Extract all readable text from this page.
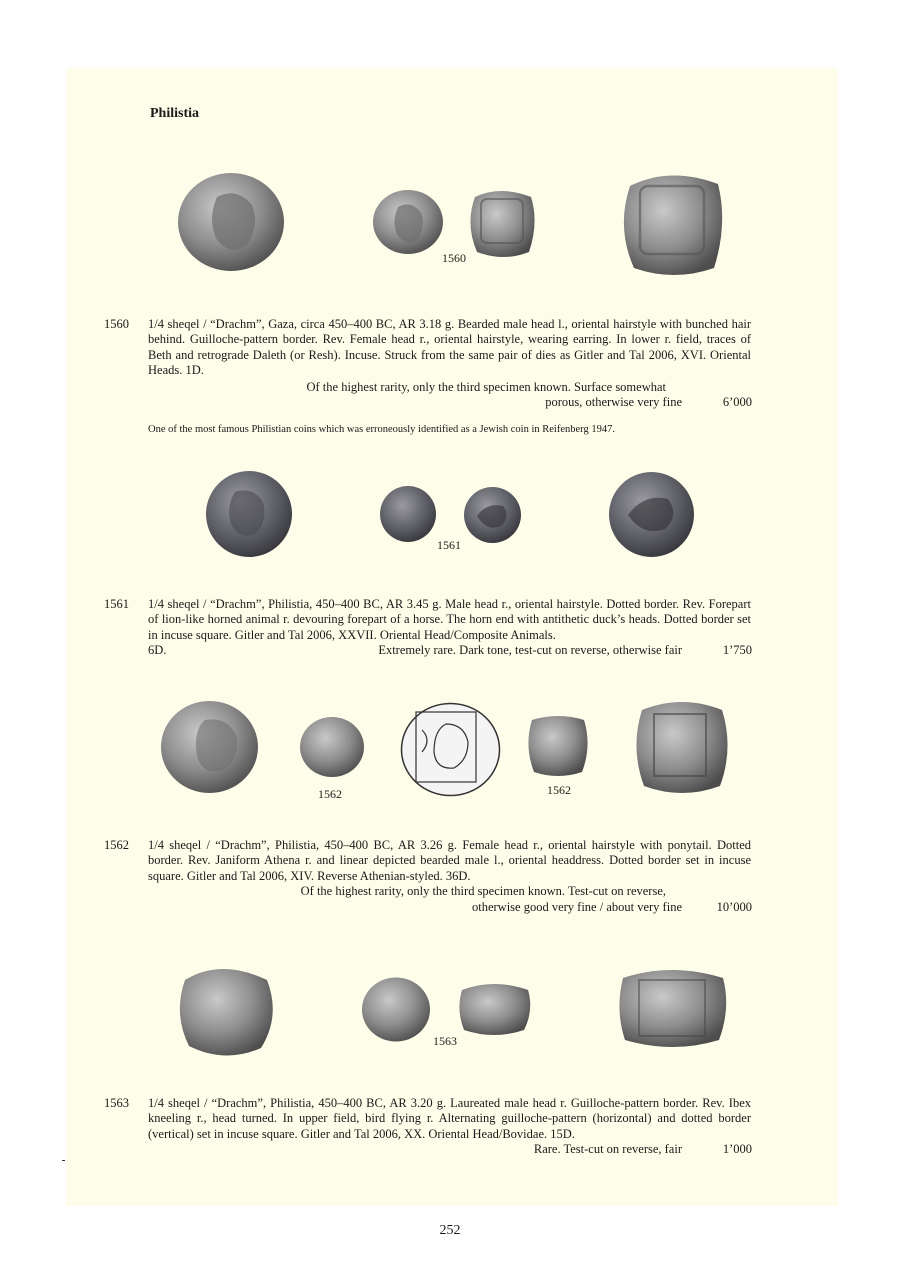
Philistia
1560
1560 1/4 sheqel / “Drachm”, Gaza, circa 450–400 BC, AR 3.18 g. Bearded male head l., oriental hairstyle with bunched hair behind. Guilloche-pattern border. Rev. Female head r., oriental hairstyle, wearing earring. In lower r. field, traces of Beth and retrograde Daleth (or Resh). Incuse. Struck from the same pair of dies as Gitler and Tal 2006, XVI. Oriental Heads. 1D.
Of the highest rarity, only the third specimen known. Surface somewhat
porous, otherwise very fine	6’000
One of the most famous Philistian coins which was erroneously identified as a Jewish coin in Reifenberg 1947.
1561
1561 1/4 sheqel / “Drachm”, Philistia, 450–400 BC, AR 3.45 g. Male head r., oriental hairstyle. Dotted border. Rev. Forepart of lion-like horned animal r. devouring forepart of a horse. The horn end with antithetic duck’s heads. Dotted border set in incuse square. Gitler and Tal 2006, XXVII. Oriental Head/Composite Animals.
6D.	Extremely rare. Dark tone, test-cut on reverse, otherwise fair	1’750
1562	1562
1562 1/4 sheqel / “Drachm”, Philistia, 450–400 BC, AR 3.26 g. Female head r., oriental hairstyle with ponytail. Dotted border. Rev. Janiform Athena r. and linear depicted bearded male l., oriental headdress. Dotted border set in incuse square. Gitler and Tal 2006, XIV. Reverse Athenian-styled. 36D.
Of the highest rarity, only the third specimen known. Test-cut on reverse,
otherwise good very fine / about very fine	10’000
1563
1563 1/4 sheqel / “Drachm”, Philistia, 450–400 BC, AR 3.20 g. Laureated male head r. Guilloche-pattern border. Rev. Ibex kneeling r., head turned. In upper field, bird flying r. Alternating guilloche-pattern (horizontal) and dotted border (vertical) set in incuse square. Gitler and Tal 2006, XX. Oriental Head/Bovidae. 15D.
Rare. Test-cut on reverse, fair	1’000
252
